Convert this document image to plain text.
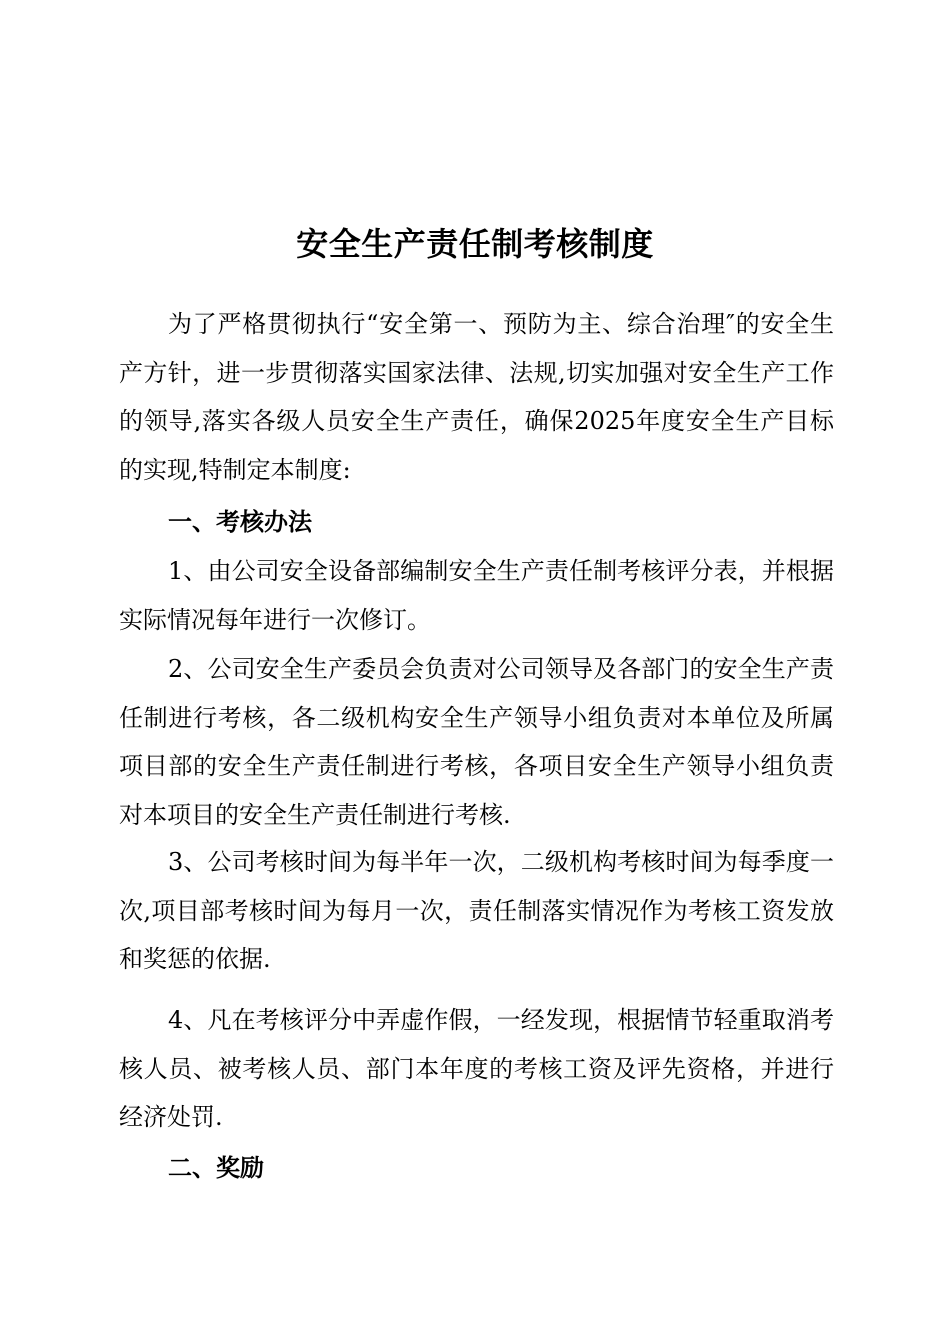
安全生产责任制考核制度

为了严格贯彻执行“安全第一、预防为主、综合治理″的安全生产方针，进一步贯彻落实国家法律、法规,切实加强对安全生产工作的领导,落实各级人员安全生产责任，确保2025年度安全生产目标的实现,特制定本制度:

一、考核办法

1、由公司安全设备部编制安全生产责任制考核评分表，并根据实际情况每年进行一次修订。

2、公司安全生产委员会负责对公司领导及各部门的安全生产责任制进行考核，各二级机构安全生产领导小组负责对本单位及所属项目部的安全生产责任制进行考核，各项目安全生产领导小组负责对本项目的安全生产责任制进行考核.

3、公司考核时间为每半年一次，二级机构考核时间为每季度一次,项目部考核时间为每月一次，责任制落实情况作为考核工资发放和奖惩的依据.

4、凡在考核评分中弄虚作假，一经发现，根据情节轻重取消考核人员、被考核人员、部门本年度的考核工资及评先资格，并进行经济处罚.

二、奖励
